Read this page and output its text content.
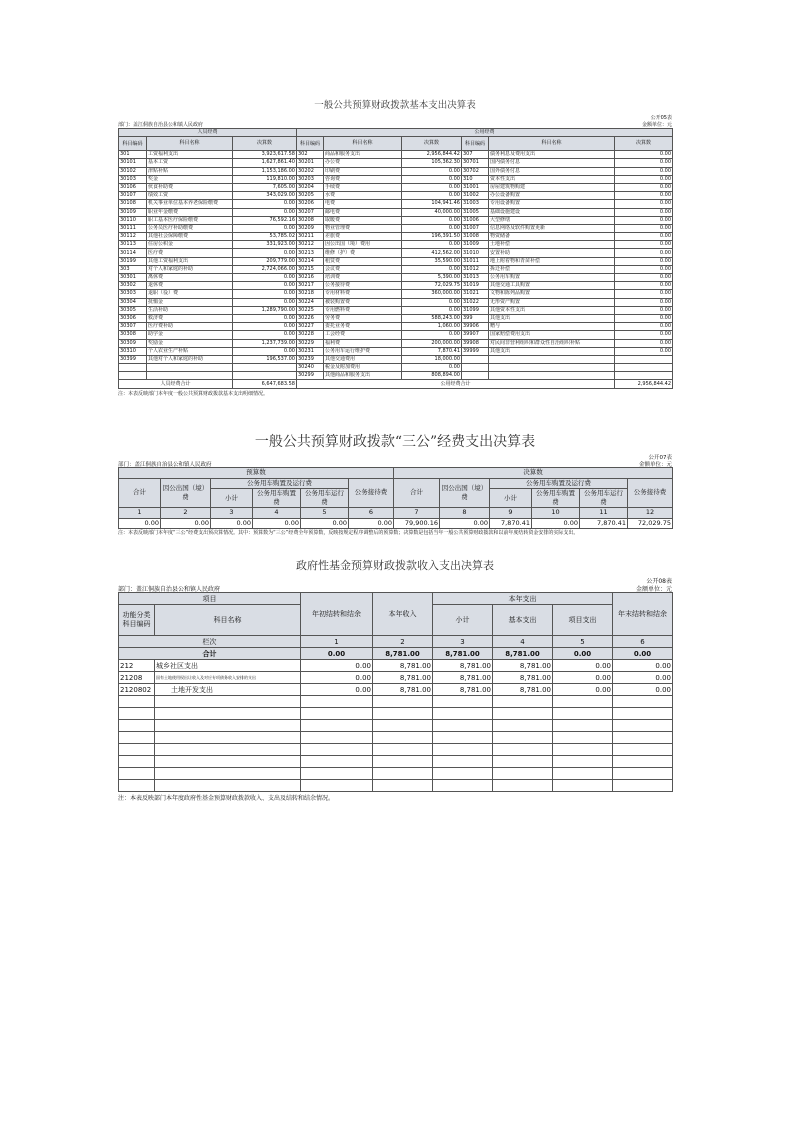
一般公共预算财政拨款基本支出决算表
公开05表
部门：盖江侗族自治县公和镇人民政府	金额单位：元
人员经费			公用经费					
科目编码	科目名称	决算数	科目编码	科目名称	决算数	科目编码	科目名称	决算数
301	工资福利支出	3,923,617.58	302	商品和服务支出	2,956,844.42	307	债务利息及费用支出	0.00
30101	基本工资	1,627,861.40	30201	办公费	105,362.30	30701	国内债务付息	0.00
30102	津贴补贴	1,153,186.00	30202	印刷费	0.00	30702	国外债务付息	0.00
30103	奖金	119,810.00	30203	咨询费	0.00	310	资本性支出	0.00
30106	伙食补助费	7,605.00	30204	手续费	0.00	31001	房屋建筑物购建	0.00
30107	绩效工资	343,029.00	30205	水费	0.00	31002	办公设备购置	0.00
30108	机关事业单位基本养老保险缴费	0.00	30206	电费	104,941.46	31003	专用设备购置	0.00
30109	职业年金缴费	0.00	30207	邮电费	40,000.00	31005	基础设施建设	0.00
30110	职工基本医疗保险缴费	76,592.16	30208	取暖费	0.00	31006	大型修缮	0.00
30111	公务员医疗补助缴费	0.00	30209	物业管理费	0.00	31007	信息网络及软件购置更新	0.00
30112	其他社会保障缴费	53,785.02	30211	差旅费	196,391.50	31008	物资储备	0.00
30113	住房公积金	331,923.00	30212	因公出国（境）费用	0.00	31009	土地补偿	0.00
30114	医疗费	0.00	30213	维修（护）费	412,562.00	31010	安置补助	0.00
30199	其他工资福利支出	209,779.00	30214	租赁费	35,590.00	31011	地上附着物和青苗补偿	0.00
303	对个人和家庭的补助	2,724,066.00	30215	会议费	0.00	31012	拆迁补偿	0.00
30301	离休费	0.00	30216	培训费	5,390.00	31013	公务用车购置	0.00
30302	退休费	0.00	30217	公务接待费	72,029.75	31019	其他交通工具购置	0.00
30303	退职（役）费	0.00	30218	专用材料费	360,000.00	31021	文物和陈列品购置	0.00
30304	抚恤金	0.00	30224	被装购置费	0.00	31022	无形资产购置	0.00
30305	生活补助	1,289,790.00	30225	专用燃料费	0.00	31099	其他资本性支出	0.00
30306	救济费	0.00	30226	劳务费	588,243.00	399	其他支出	0.00
30307	医疗费补助	0.00	30227	委托业务费	1,060.00	39906	赠与	0.00
30308	助学金	0.00	30228	工会经费	0.00	39907	国家赔偿费用支出	0.00
30309	奖励金	1,237,739.00	30229	福利费	200,000.00	39908	对民间非营利组织和群众性自治组织补贴	0.00
30310	个人农业生产补贴	0.00	30231	公务用车运行维护费	7,870.41	39999	其他支出	0.00
30399	其他对个人和家庭的补助	196,537.00	30239	其他交通费用	18,000.00			
			30240	税金及附加费用	0.00			
			30299	其他商品和服务支出	808,894.00			
人员经费合计		6,647,683.58	公用经费合计					2,956,844.42
注：本表反映部门本年度一般公共预算财政拨款基本支出明细情况。
一般公共预算财政拨款“三公”经费支出决算表
公开07表
部门：盖江侗族自治县公和镇人民政府	金额单位：元
预算数						决算数					
合计	因公出国（境）费	公务用车购置及运行费			公务接待费	合计	因公出国（境）费	公务用车购置及运行费			公务接待费
		小计	公务用车购置费	公务用车运行费				小计	公务用车购置费	公务用车运行费	
1	2	3	4	5	6	7	8	9	10	11	12
0.00	0.00	0.00	0.00	0.00	0.00	79,900.16	0.00	7,870.41	0.00	7,870.41	72,029.75
注：本表反映部门本年度“三公”经费支出预决算情况。其中：预算数为“三公”经费全年预算数，反映按规定程序调整后的预算数；决算数是包括当年一般公共预算财政拨款和以前年度结转资金安排的实际支出。
政府性基金预算财政拨款收入支出决算表
公开08表
部门：盖江侗族自治县公和镇人民政府	金额单位：元
项目		年初结转和结余	本年收入	本年支出			年末结转和结余
功能分类科目编码	科目名称			小计	基本支出	项目支出	
栏次		1	2	3	4	5	6
合计		0.00	8,781.00	8,781.00	8,781.00	0.00	0.00
212	城乡社区支出	0.00	8,781.00	8,781.00	8,781.00	0.00	0.00
21208	国有土地使用权出让收入及对应专项债务收入安排的支出	0.00	8,781.00	8,781.00	8,781.00	0.00	0.00
2120802	土地开发支出	0.00	8,781.00	8,781.00	8,781.00	0.00	0.00

注：本表反映部门本年度政府性基金预算财政拨款收入、支出及结转和结余情况。
